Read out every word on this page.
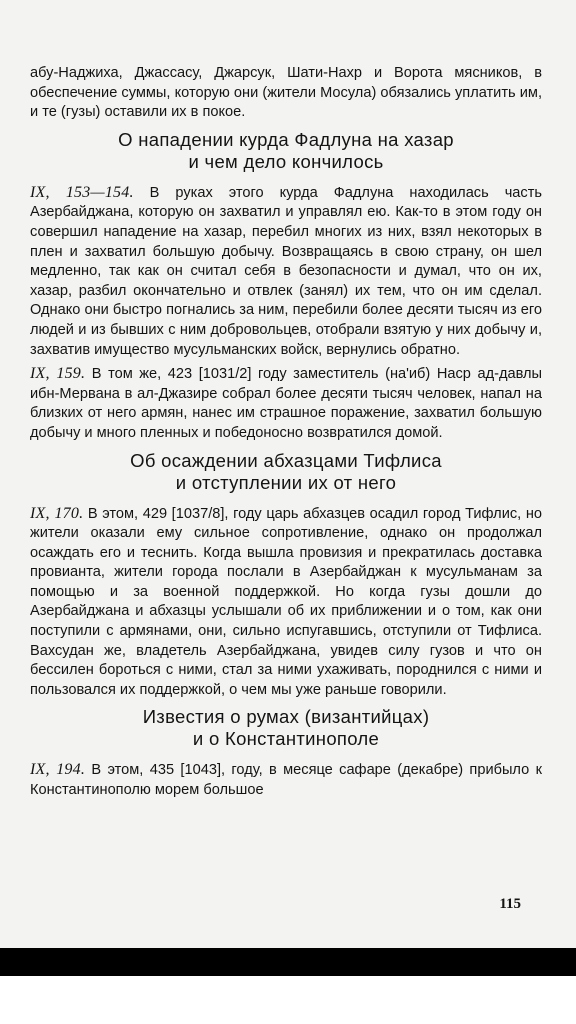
абу-Наджиха, Джассасу, Джарсук, Шати-Нахр и Ворота мясников, в обеспечение суммы, которую они (жители Мосула) обязались уплатить им, и те (гузы) оставили их в покое.

О нападении курда Фадлуна на хазар
и чем дело кончилось

IX, 153—154. В руках этого курда Фадлуна находилась часть Азербайджана, которую он захватил и управлял ею. Как-то в этом году он совершил нападение на хазар, перебил многих из них, взял некоторых в плен и захватил большую добычу. Возвращаясь в свою страну, он шел медленно, так как он считал себя в безопасности и думал, что он их, хазар, разбил окончательно и отвлек (занял) их тем, что он им сделал. Однако они быстро погнались за ним, перебили более десяти тысяч из его людей и из бывших с ним добровольцев, отобрали взятую у них добычу и, захватив имущество мусульманских войск, вернулись обратно.

IX, 159. В том же, 423 [1031/2] году заместитель (на'иб) Наср ад-давлы ибн-Мервана в ал-Джазире собрал более десяти тысяч человек, напал на близких от него армян, нанес им страшное поражение, захватил большую добычу и много пленных и победоносно возвратился домой.

Об осаждении абхазцами Тифлиса
и отступлении их от него

IX, 170. В этом, 429 [1037/8], году царь абхазцев осадил город Тифлис, но жители оказали ему сильное сопротивление, однако он продолжал осаждать его и теснить. Когда вышла провизия и прекратилась доставка провианта, жители города послали в Азербайджан к мусульманам за помощью и за военной поддержкой. Но когда гузы дошли до Азербайджана и абхазцы услышали об их приближении и о том, как они поступили с армянами, они, сильно испугавшись, отступили от Тифлиса. Вахсудан же, владетель Азербайджана, увидев силу гузов и что он бессилен бороться с ними, стал за ними ухаживать, породнился с ними и пользовался их поддержкой, о чем мы уже раньше говорили.

Известия о румах (византийцах)
и о Константинополе

IX, 194. В этом, 435 [1043], году, в месяце сафаре (декабре) прибыло к Константинополю морем большое

115
